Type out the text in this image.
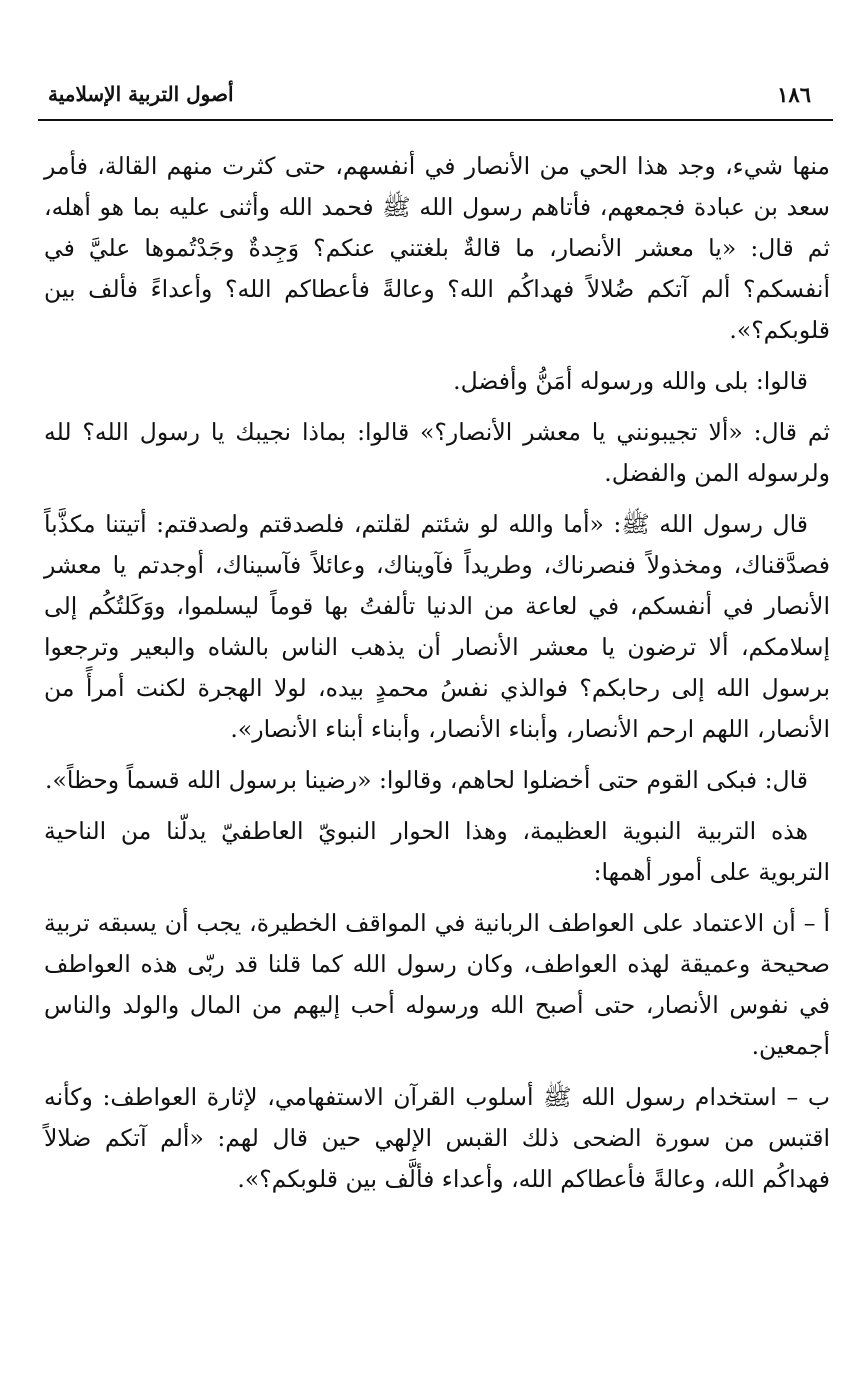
١٨٦
أصول التربية الإسلامية

منها شيء، وجد هذا الحي من الأنصار في أنفسهم، حتى كثرت منهم القالة، فأمر سعد بن عبادة فجمعهم، فأتاهم رسول الله ﷺ فحمد الله وأثنى عليه بما هو أهله، ثم قال: «يا معشر الأنصار، ما قالةٌ بلغتني عنكم؟ وَجِدةٌ وجَدْتُموها عليَّ في أنفسكم؟ ألم آتكم ضُلالاً فهداكُم الله؟ وعالةً فأعطاكم الله؟ وأعداءً فألف بين قلوبكم؟».

قالوا: بلى والله ورسوله أمَنُّ وأفضل.

ثم قال: «ألا تجيبونني يا معشر الأنصار؟» قالوا: بماذا نجيبك يا رسول الله؟ لله ولرسوله المن والفضل.

قال رسول الله ﷺ: «أما والله لو شئتم لقلتم، فلصدقتم ولصدقتم: أتيتنا مكذَّباً فصدَّقناك، ومخذولاً فنصرناك، وطريداً فآويناك، وعائلاً فآسيناك، أوجدتم يا معشر الأنصار في أنفسكم، في لعاعة من الدنيا تألفتُ بها قوماً ليسلموا، ووَكَلتُكُم إلى إسلامكم، ألا ترضون يا معشر الأنصار أن يذهب الناس بالشاه والبعير وترجعوا برسول الله إلى رحابكم؟ فوالذي نفسُ محمدٍ بيده، لولا الهجرة لكنت أمرأً من الأنصار، اللهم ارحم الأنصار، وأبناء الأنصار، وأبناء أبناء الأنصار».

قال: فبكى القوم حتى أخضلوا لحاهم، وقالوا: «رضينا برسول الله قسماً وحظاً».

هذه التربية النبوية العظيمة، وهذا الحوار النبويّ العاطفيّ يدلّنا من الناحية التربوية على أمور أهمها:

أ – أن الاعتماد على العواطف الربانية في المواقف الخطيرة، يجب أن يسبقه تربية صحيحة وعميقة لهذه العواطف، وكان رسول الله كما قلنا قد ربّى هذه العواطف في نفوس الأنصار، حتى أصبح الله ورسوله أحب إليهم من المال والولد والناس أجمعين.

ب – استخدام رسول الله ﷺ أسلوب القرآن الاستفهامي، لإثارة العواطف: وكأنه اقتبس من سورة الضحى ذلك القبس الإلهي حين قال لهم: «ألم آتكم ضلالاً فهداكُم الله، وعالةً فأعطاكم الله، وأعداء فألَّف بين قلوبكم؟».
